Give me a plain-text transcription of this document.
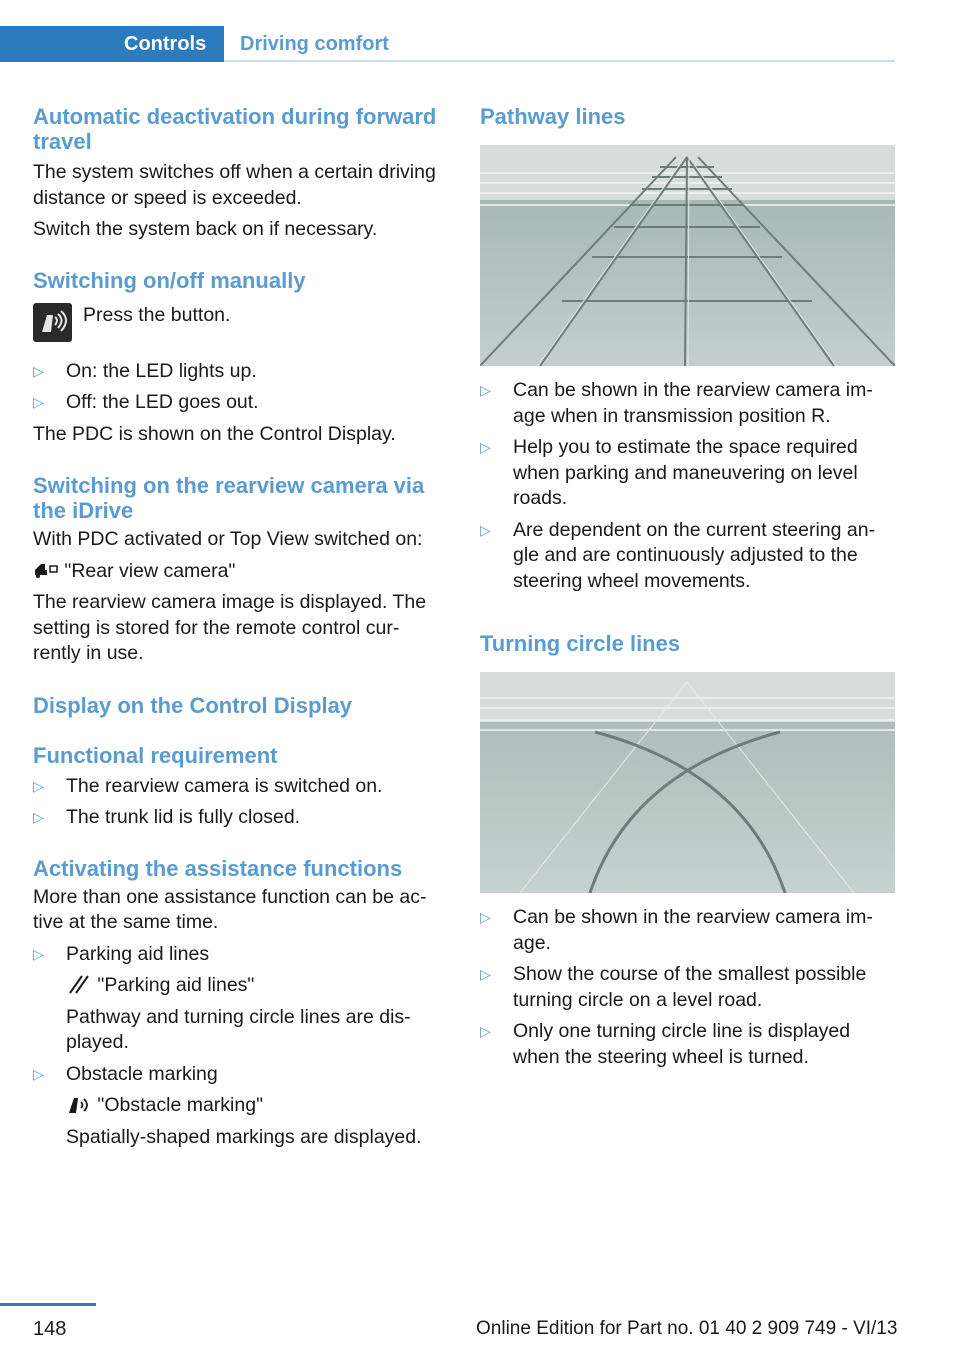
Controls	Driving comfort
Automatic deactivation during forward travel

The system switches off when a certain driving distance or speed is exceeded.

Switch the system back on if necessary.

Switching on/off manually
Press the button.
▷ On: the LED lights up.
▷ Off: the LED goes out.

The PDC is shown on the Control Display.

Switching on the rearview camera via the iDrive

With PDC activated or Top View switched on:

"Rear view camera"

The rearview camera image is displayed. The setting is stored for the remote control cur- rently in use.

Display on the Control Display
Functional requirement
▷ The rearview camera is switched on.
▷ The trunk lid is fully closed.
Activating the assistance functions

More than one assistance function can be ac- tive at the same time.

▷ Parking aid lines
"Parking aid lines"
Pathway and turning circle lines are dis- played.
▷ Obstacle marking
"Obstacle marking"
Spatially-shaped markings are displayed.
Pathway lines
▷ Can be shown in the rearview camera im- age when in transmission position R.
▷ Help you to estimate the space required when parking and maneuvering on level roads.
▷ Are dependent on the current steering an- gle and are continuously adjusted to the steering wheel movements.
Turning circle lines
▷ Can be shown in the rearview camera im- age.
▷ Show the course of the smallest possible turning circle on a level road.
▷ Only one turning circle line is displayed when the steering wheel is turned.
148	Online Edition for Part no. 01 40 2 909 749 - VI/13
